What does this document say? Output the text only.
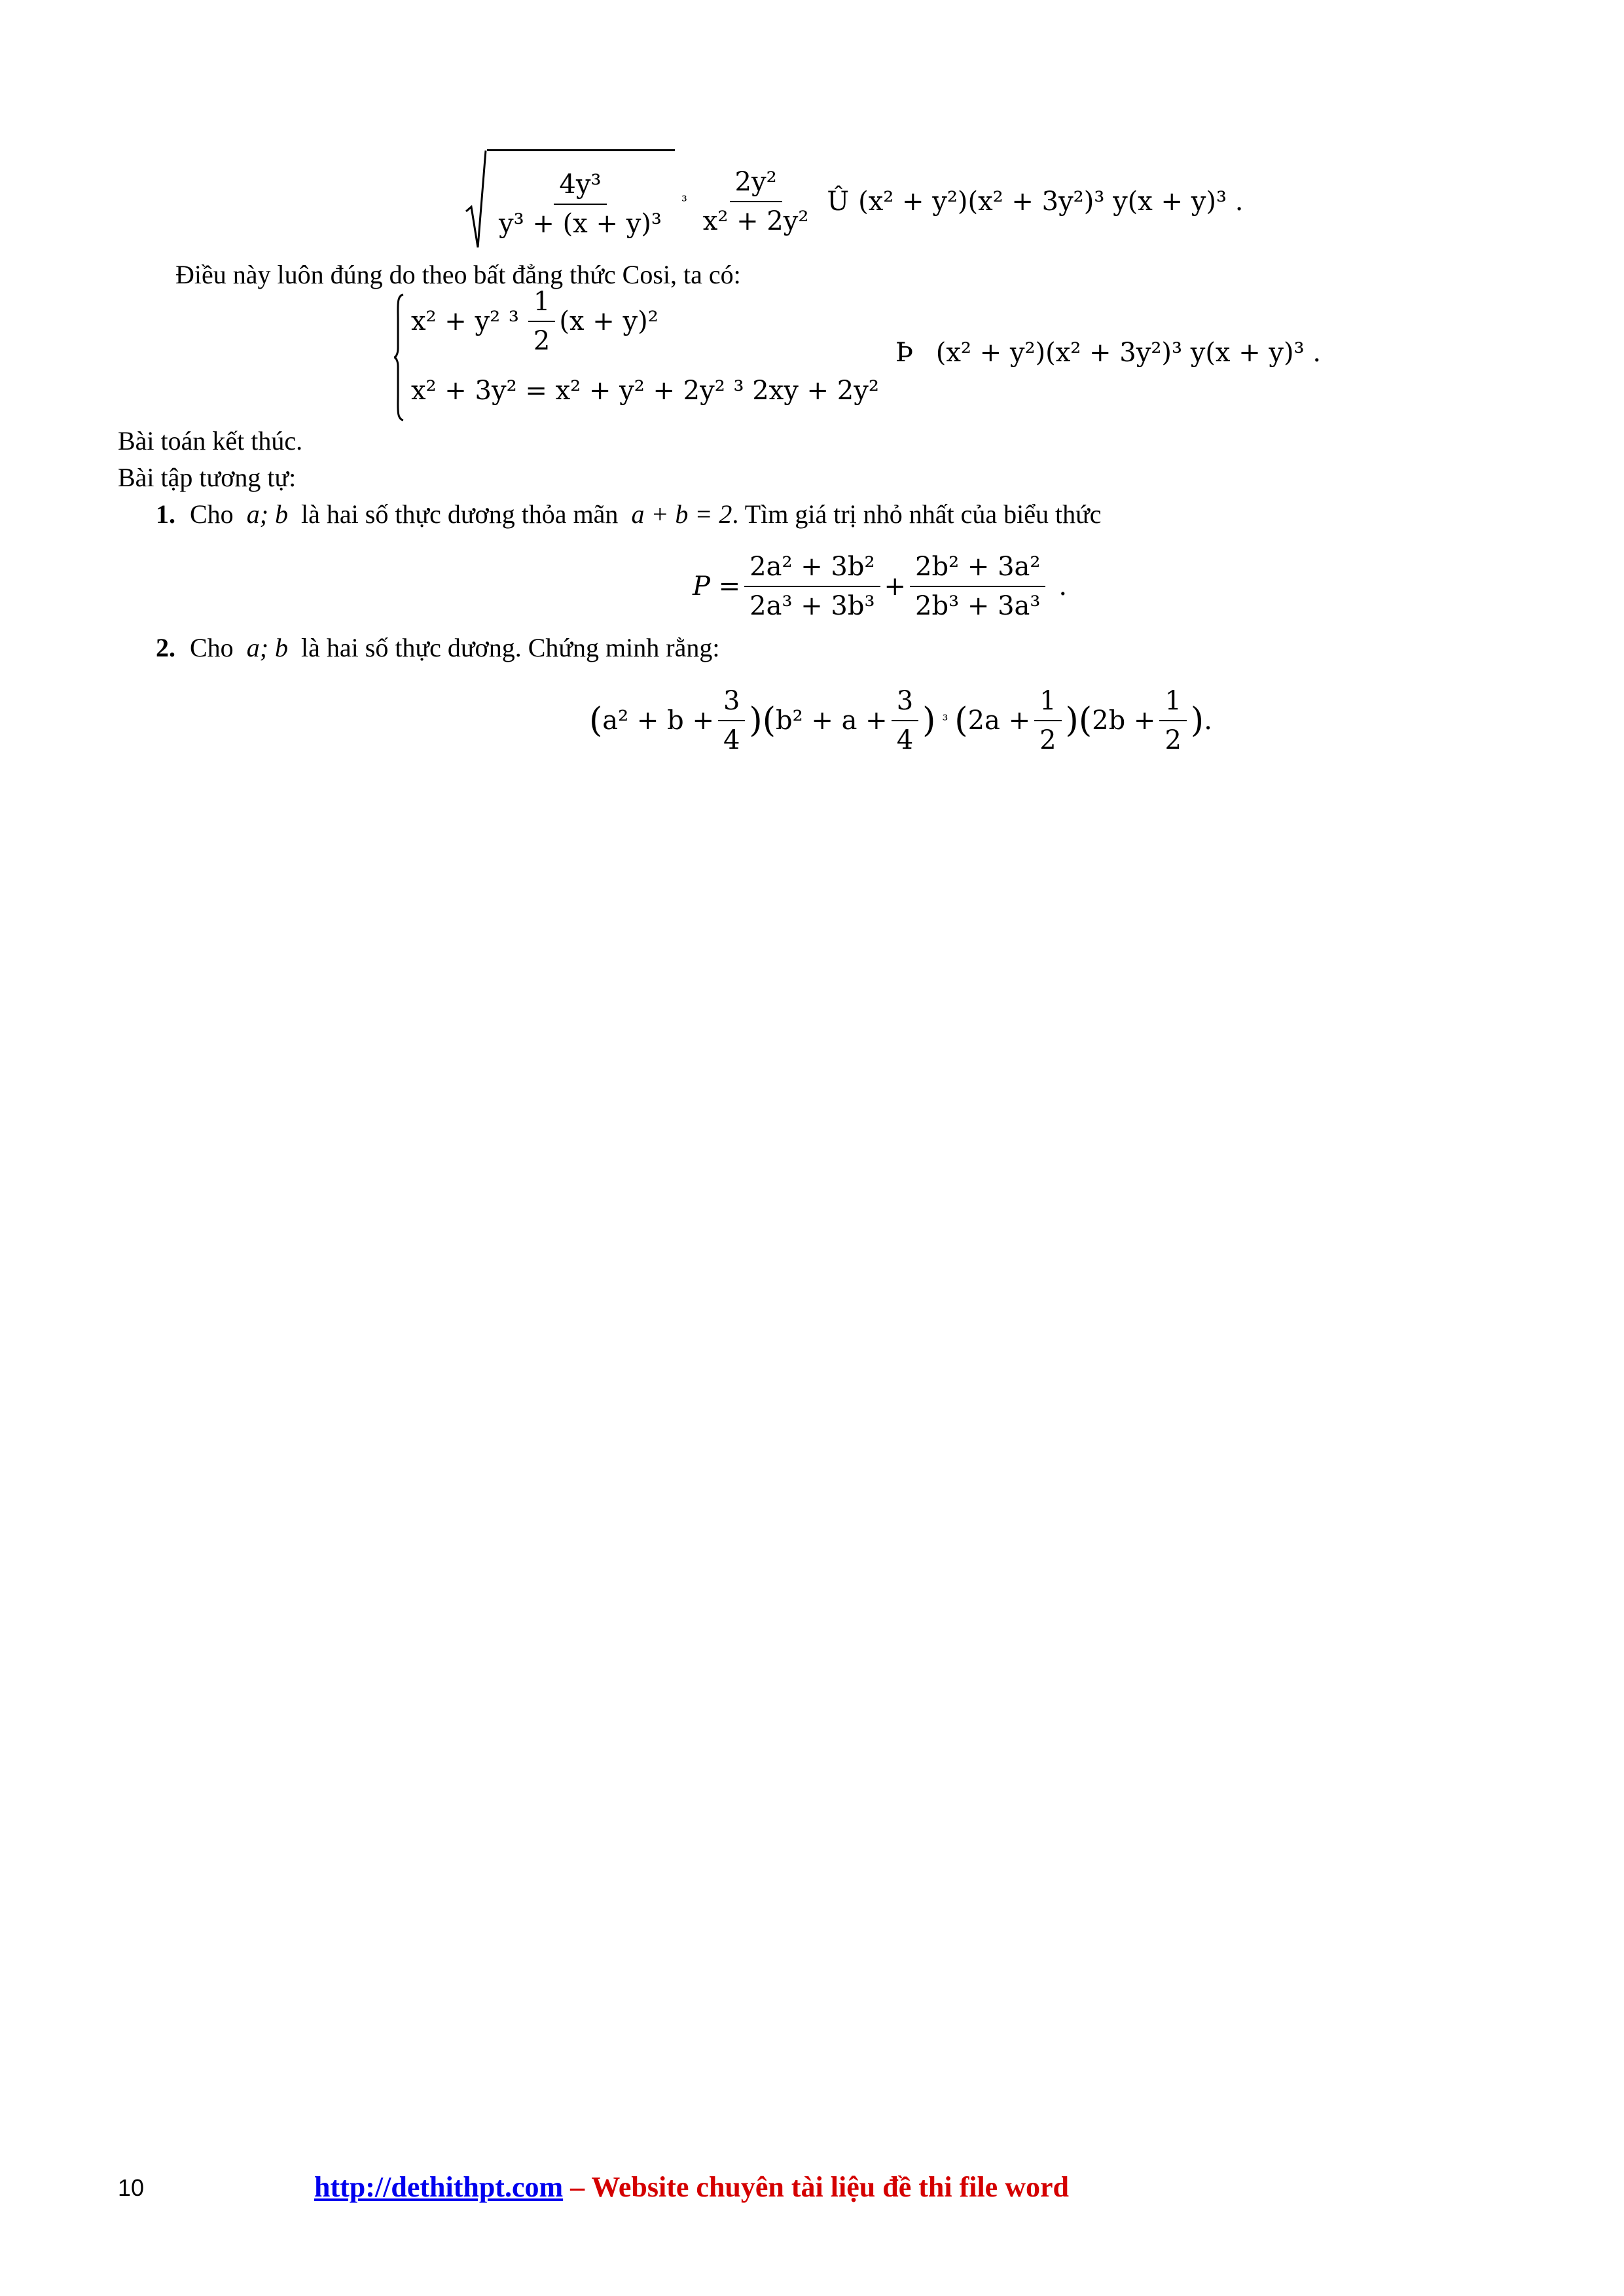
$\frac{\text{4y³}}{\text{y³ + (x + y)³}} ^3 \frac{\text{2y²}}{\text{x² + 2y²}}$ Û (x² + y²)(x² + 3y²)³ y(x + y)³ .
Điều này luôn đúng do theo bất đẳng thức Cosi, ta có:
x² + y² $^3 \frac{1}{2} (x + y)^2$
x² + 3y² = x² + y² + 2y² ³ 2xy + 2y²
Þ (x² + y²)(x² + 3y²)³ y(x + y)³ .
Bài toán kết thúc.
Bài tập tương tự:
1. Cho a; b là hai số thực dương thỏa mãn a + b = 2. Tìm giá trị nhỏ nhất của biểu thức
$P = \frac{\text{2a² + 3b²}}{\text{2a³ + 3b³}} + \frac{\text{2b² + 3a²}}{\text{2b³ + 3a³}}$ .
2. Cho a; b là hai số thực dương. Chứng minh rằng:
( $a^2 + b + \frac{3}{4}$ ) ( $b^2 + a + \frac{3}{4}$ ) ³ ( $2a + \frac{1}{2}$ ) ( $2b + \frac{1}{2}$ ) .
10	http://dethithpt.com – Website chuyên tài liệu đề thi file word
